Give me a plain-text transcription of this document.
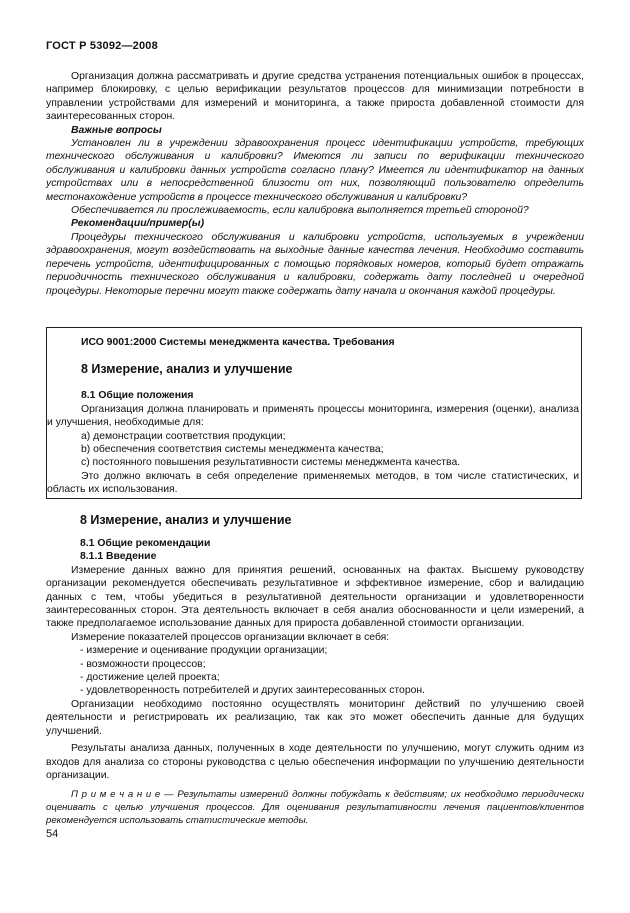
ГОСТ Р 53092—2008

Организация должна рассматривать и другие средства устранения потенциальных ошибок в процессах, например блокировку, с целью верификации результатов процессов для минимизации потребности в управлении устройствами для измерений и мониторинга, а также прироста добавленной стоимости для заинтересованных сторон.

Важные вопросы

Установлен ли в учреждении здравоохранения процесс идентификации устройств, требующих технического обслуживания и калибровки? Имеются ли записи по верификации технического обслуживания и калибровки данных устройств согласно плану? Имеется ли идентификатор на данных устройствах или в непосредственной близости от них, позволяющий пользователю определить местонахождение устройств в процессе технического обслуживания и калибровки?

Обеспечивается ли прослеживаемость, если калибровка выполняется третьей стороной?

Рекомендации/пример(ы)

Процедуры технического обслуживания и калибровки устройств, используемых в учреждении здравоохранения, могут воздействовать на выходные данные качества лечения. Необходимо составить перечень устройств, идентифицированных с помощью порядковых номеров, который будет отражать периодичность технического обслуживания и калибровки, содержать дату последней и очередной процедуры. Некоторые перечни могут также содержать дату начала и окончания каждой процедуры.

ИСО 9001:2000 Системы менеджмента качества. Требования

8 Измерение, анализ и улучшение

8.1 Общие положения

Организация должна планировать и применять процессы мониторинга, измерения (оценки), анализа и улучшения, необходимые для:

а) демонстрации соответствия продукции;

b) обеспечения соответствия системы менеджмента качества;

с) постоянного повышения результативности системы менеджмента качества.

Это должно включать в себя определение применяемых методов, в том числе статистических, и область их использования.

8 Измерение, анализ и улучшение

8.1 Общие рекомендации

8.1.1 Введение

Измерение данных важно для принятия решений, основанных на фактах. Высшему руководству организации рекомендуется обеспечивать результативное и эффективное измерение, сбор и валидацию данных с тем, чтобы убедиться в результативной деятельности организации и удовлетворенности заинтересованных сторон. Эта деятельность включает в себя анализ обоснованности и цели измерений, а также предполагаемое использование данных для прироста добавленной стоимости организации.

Измерение показателей процессов организации включает в себя:

- измерение и оценивание продукции организации;

- возможности процессов;

- достижение целей проекта;

- удовлетворенность потребителей и других заинтересованных сторон.

Организации необходимо постоянно осуществлять мониторинг действий по улучшению своей деятельности и регистрировать их реализацию, так как это может обеспечить данные для будущих улучшений.

Результаты анализа данных, полученных в ходе деятельности по улучшению, могут служить одним из входов для анализа со стороны руководства с целью обеспечения информации по улучшению деятельности организации.

П р и м е ч а н и е — Результаты измерений должны побуждать к действиям; их необходимо периодически оценивать с целью улучшения процессов. Для оценивания результативности лечения пациентов/клиентов рекомендуется использовать статистические методы.

54
